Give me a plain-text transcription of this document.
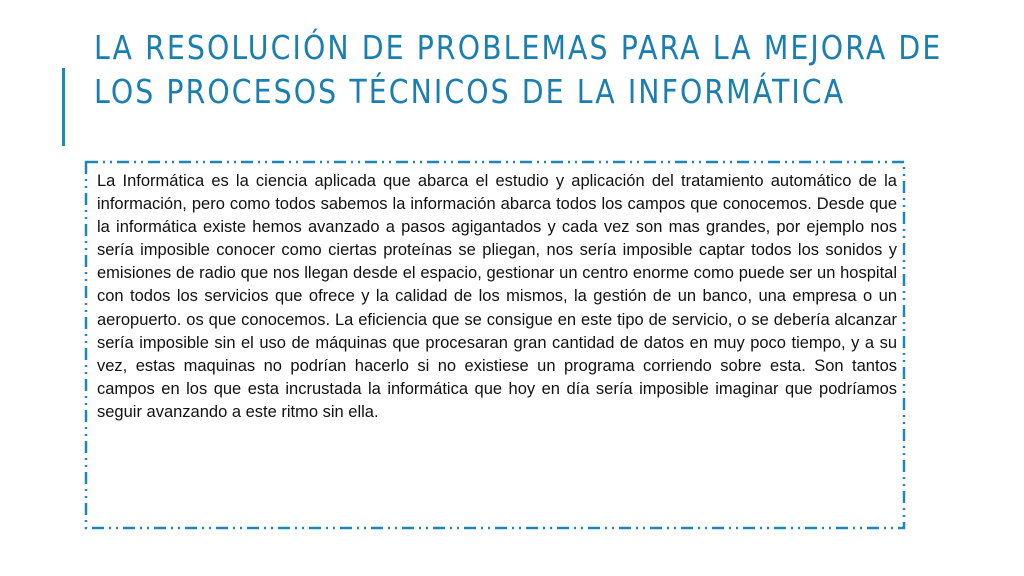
LA RESOLUCIÓN DE PROBLEMAS PARA LA MEJORA DE
LOS PROCESOS TÉCNICOS DE LA INFORMÁTICA

La Informática es la ciencia aplicada que abarca el estudio y aplicación del tratamiento automático de la información, pero como todos sabemos la información abarca todos los campos que conocemos. Desde que la informática existe hemos avanzado a pasos agigantados y cada vez son mas grandes, por ejemplo nos sería imposible conocer como ciertas proteínas se pliegan, nos sería imposible captar todos los sonidos y emisiones de radio que nos llegan desde el espacio, gestionar un centro enorme como puede ser un hospital con todos los servicios que ofrece y la calidad de los mismos, la gestión de un banco, una empresa o un aeropuerto. os que conocemos. La eficiencia que se consigue en este tipo de servicio, o se debería alcanzar sería imposible sin el uso de máquinas que procesaran gran cantidad de datos en muy poco tiempo, y a su vez, estas maquinas no podrían hacerlo si no existiese un programa corriendo sobre esta. Son tantos campos en los que esta incrustada la informática que hoy en día sería imposible imaginar que podríamos seguir avanzando a este ritmo sin ella.
